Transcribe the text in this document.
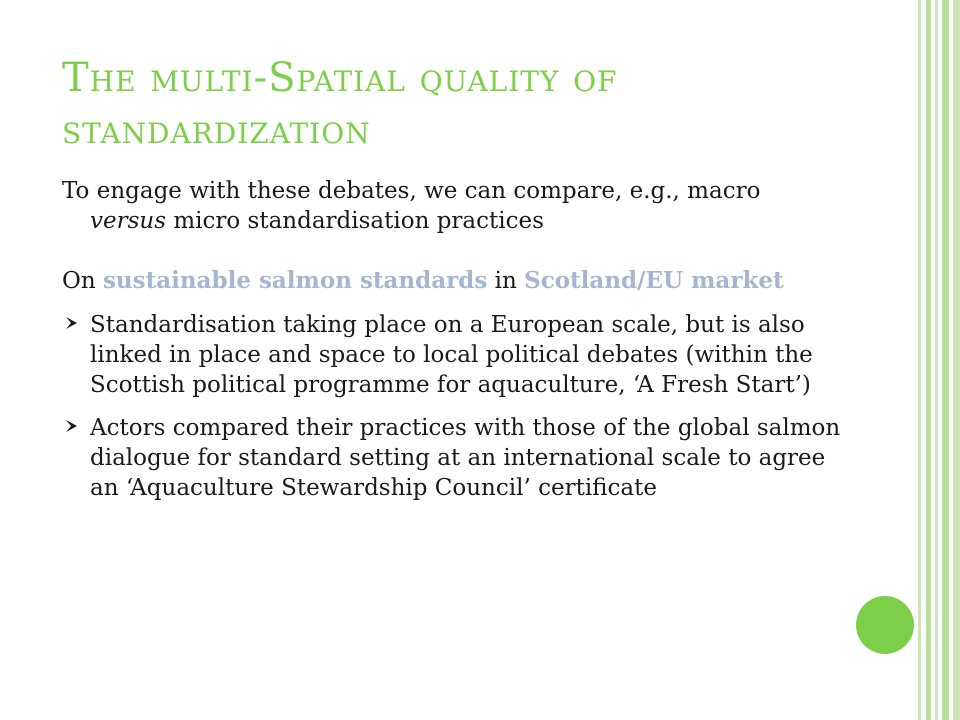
The multi-Spatial quality of standardization

To engage with these debates, we can compare, e.g., macro versus micro standardisation practices

On sustainable salmon standards in Scotland/EU market

Standardisation taking place on a European scale, but is also linked in place and space to local political debates (within the Scottish political programme for aquaculture, ‘A Fresh Start’)
Actors compared their practices with those of the global salmon dialogue for standard setting at an international scale to agree an ‘Aquaculture Stewardship Council’ certificate
